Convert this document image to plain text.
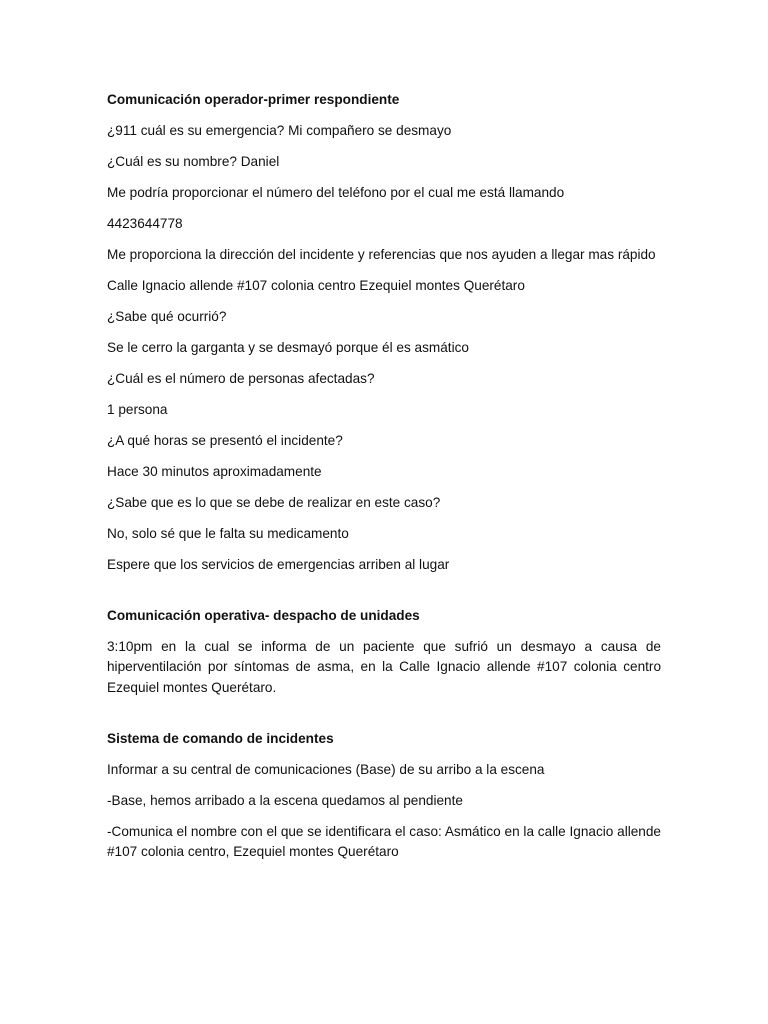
Comunicación operador-primer respondiente
¿911 cuál es su emergencia? Mi compañero se desmayo
¿Cuál es su nombre? Daniel
Me podría proporcionar el número del teléfono por el cual me está llamando
4423644778
Me proporciona la dirección del incidente y referencias que nos ayuden a llegar mas rápido
Calle Ignacio allende #107 colonia centro Ezequiel montes Querétaro
¿Sabe qué ocurrió?
Se le cerro la garganta y se desmayó porque él es asmático
¿Cuál es el número de personas afectadas?
1 persona
¿A qué horas se presentó el incidente?
Hace 30 minutos aproximadamente
¿Sabe que es lo que se debe de realizar en este caso?
No, solo sé que le falta su medicamento
Espere que los servicios de emergencias arriben al lugar
Comunicación operativa- despacho de unidades
3:10pm en la cual se informa de un paciente que sufrió un desmayo a causa de hiperventilación por síntomas de asma, en la Calle Ignacio allende #107 colonia centro Ezequiel montes Querétaro.
Sistema de comando de incidentes
Informar a su central de comunicaciones (Base) de su arribo a la escena
-Base, hemos arribado a la escena quedamos al pendiente
-Comunica el nombre con el que se identificara el caso: Asmático en la calle Ignacio allende #107 colonia centro, Ezequiel montes Querétaro
